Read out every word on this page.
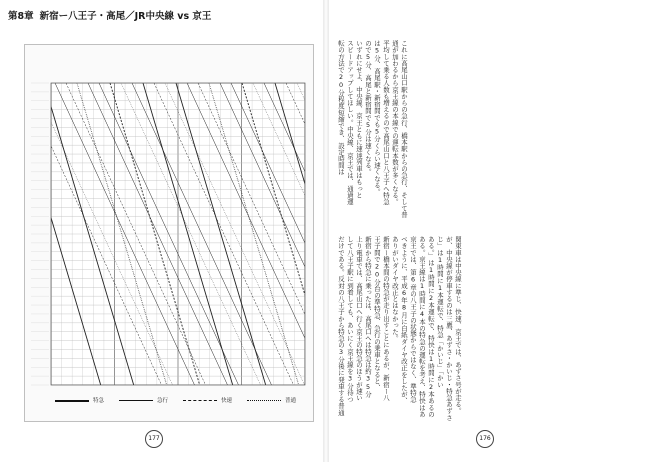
第8章 新宿ー八王子・高尾／JR中央線 vs 京王
特急	急行	快速	普通
177
これに高尾山口駅からの急行、橋本駅からの急行、そして普
通が加わるから京王線の本線での運転本数が多くなる。
平均して乗る人数も増えるので高尾山口と八王子へ特急
は5分、高尾駅・新宿間でも5分くらい速くなる。
ので5分、高尾と新宿間で5分は速くなる。
いずれにせよ、中央線、京王ともに速達列車はもっと
スピードアップしてほしい。中央線、京王では、通過運
転の方法で20分程度短縮でき、設定時間は
関東車は中央線に準じ、快速、京王では、あずさ号が走る。
が、中央線が停車するのは三鷹、あずさ・かいじ・特急あずさ
じ」は1時間に1本運転で、特急「かいじ」「かい
ある。」は1時間に2本運転で、特快は1時間に2本あるの
ある。京王線は1時間に4本の特急の運転を考え、特快はあ
京王では、第6章の八王子の状態からではなく、準特急
べきように、平成6年8月に白紙ダイヤ改正をしたが、
ありがいダイヤ改正とはなかった。
新宿ー橋本間の特急が走り出すことにあるが、新宿ー八
王子間で20分台の準特急、急行の乗車となると、
新宿から特急に乗ったは、高尾口へは特急は約35分
上り電車では、高尾山口へ行く京王の特急のほうが速い
して八王子駅に到着しても、あいにく京王線を3分待つ
だけである。反対の八王子から特急の3分後に発車する普通
176
